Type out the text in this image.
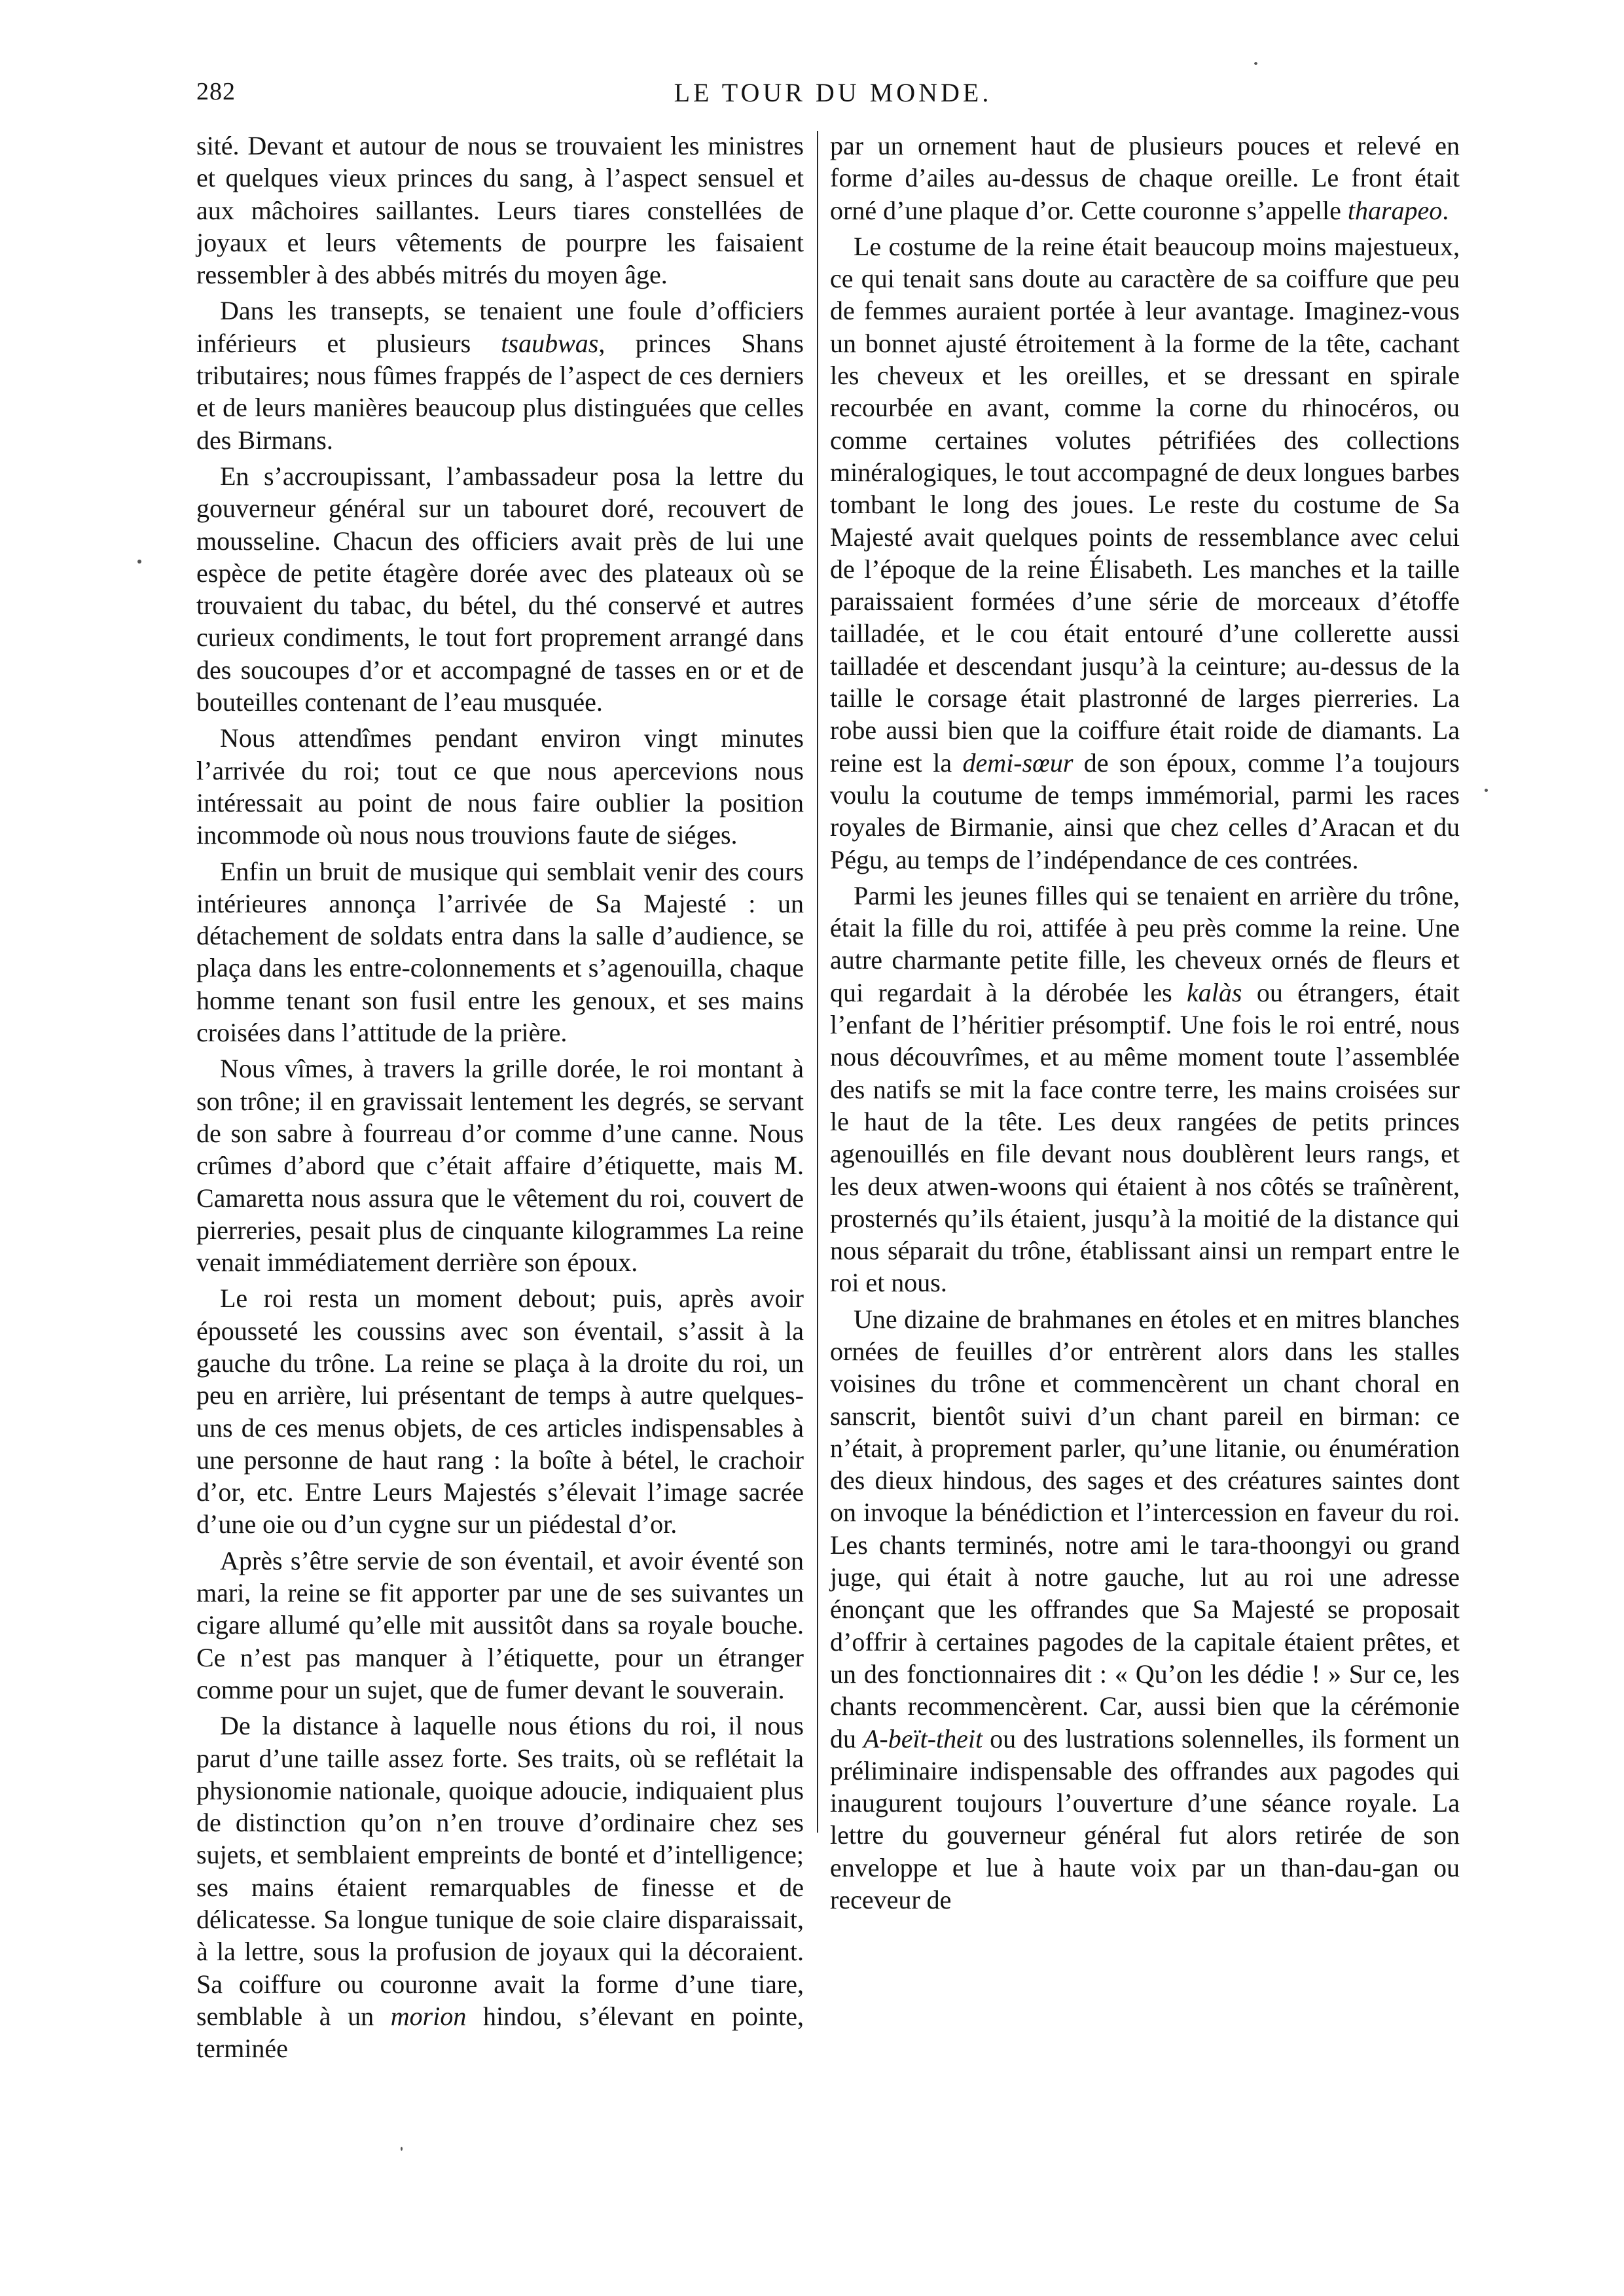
282	LE TOUR DU MONDE.

sité. Devant et autour de nous se trouvaient les ministres et quelques vieux princes du sang, à l’aspect sensuel et aux mâchoires saillantes. Leurs tiares constellées de joyaux et leurs vêtements de pourpre les faisaient ressembler à des abbés mitrés du moyen âge.

Dans les transepts, se tenaient une foule d’officiers inférieurs et plusieurs tsaubwas, princes Shans tributaires; nous fûmes frappés de l’aspect de ces derniers et de leurs manières beaucoup plus distinguées que celles des Birmans.

En s’accroupissant, l’ambassadeur posa la lettre du gouverneur général sur un tabouret doré, recouvert de mousseline. Chacun des officiers avait près de lui une espèce de petite étagère dorée avec des plateaux où se trouvaient du tabac, du bétel, du thé conservé et autres curieux condiments, le tout fort proprement arrangé dans des soucoupes d’or et accompagné de tasses en or et de bouteilles contenant de l’eau musquée.

Nous attendîmes pendant environ vingt minutes l’arrivée du roi; tout ce que nous apercevions nous intéressait au point de nous faire oublier la position incommode où nous nous trouvions faute de siéges.

Enfin un bruit de musique qui semblait venir des cours intérieures annonça l’arrivée de Sa Majesté : un détachement de soldats entra dans la salle d’audience, se plaça dans les entre-colonnements et s’agenouilla, chaque homme tenant son fusil entre les genoux, et ses mains croisées dans l’attitude de la prière.

Nous vîmes, à travers la grille dorée, le roi montant à son trône; il en gravissait lentement les degrés, se servant de son sabre à fourreau d’or comme d’une canne. Nous crûmes d’abord que c’était affaire d’étiquette, mais M. Camaretta nous assura que le vêtement du roi, couvert de pierreries, pesait plus de cinquante kilogrammes La reine venait immédiatement derrière son époux.

Le roi resta un moment debout; puis, après avoir épousseté les coussins avec son éventail, s’assit à la gauche du trône. La reine se plaça à la droite du roi, un peu en arrière, lui présentant de temps à autre quelques-uns de ces menus objets, de ces articles indispensables à une personne de haut rang : la boîte à bétel, le crachoir d’or, etc. Entre Leurs Majestés s’élevait l’image sacrée d’une oie ou d’un cygne sur un piédestal d’or.

Après s’être servie de son éventail, et avoir éventé son mari, la reine se fit apporter par une de ses suivantes un cigare allumé qu’elle mit aussitôt dans sa royale bouche. Ce n’est pas manquer à l’étiquette, pour un étranger comme pour un sujet, que de fumer devant le souverain.

De la distance à laquelle nous étions du roi, il nous parut d’une taille assez forte. Ses traits, où se reflétait la physionomie nationale, quoique adoucie, indiquaient plus de distinction qu’on n’en trouve d’ordinaire chez ses sujets, et semblaient empreints de bonté et d’intelligence; ses mains étaient remarquables de finesse et de délicatesse. Sa longue tunique de soie claire disparaissait, à la lettre, sous la profusion de joyaux qui la décoraient. Sa coiffure ou couronne avait la forme d’une tiare, semblable à un morion hindou, s’élevant en pointe, terminée

par un ornement haut de plusieurs pouces et relevé en forme d’ailes au-dessus de chaque oreille. Le front était orné d’une plaque d’or. Cette couronne s’appelle tharapeo.

Le costume de la reine était beaucoup moins majestueux, ce qui tenait sans doute au caractère de sa coiffure que peu de femmes auraient portée à leur avantage. Imaginez-vous un bonnet ajusté étroitement à la forme de la tête, cachant les cheveux et les oreilles, et se dressant en spirale recourbée en avant, comme la corne du rhinocéros, ou comme certaines volutes pétrifiées des collections minéralogiques, le tout accompagné de deux longues barbes tombant le long des joues. Le reste du costume de Sa Majesté avait quelques points de ressemblance avec celui de l’époque de la reine Élisabeth. Les manches et la taille paraissaient formées d’une série de morceaux d’étoffe tailladée, et le cou était entouré d’une collerette aussi tailladée et descendant jusqu’à la ceinture; au-dessus de la taille le corsage était plastronné de larges pierreries. La robe aussi bien que la coiffure était roide de diamants. La reine est la demi-sœur de son époux, comme l’a toujours voulu la coutume de temps immémorial, parmi les races royales de Birmanie, ainsi que chez celles d’Aracan et du Pégu, au temps de l’indépendance de ces contrées.

Parmi les jeunes filles qui se tenaient en arrière du trône, était la fille du roi, attifée à peu près comme la reine. Une autre charmante petite fille, les cheveux ornés de fleurs et qui regardait à la dérobée les kalàs ou étrangers, était l’enfant de l’héritier présomptif. Une fois le roi entré, nous nous découvrîmes, et au même moment toute l’assemblée des natifs se mit la face contre terre, les mains croisées sur le haut de la tête. Les deux rangées de petits princes agenouillés en file devant nous doublèrent leurs rangs, et les deux atwen-woons qui étaient à nos côtés se traînèrent, prosternés qu’ils étaient, jusqu’à la moitié de la distance qui nous séparait du trône, établissant ainsi un rempart entre le roi et nous.

Une dizaine de brahmanes en étoles et en mitres blanches ornées de feuilles d’or entrèrent alors dans les stalles voisines du trône et commencèrent un chant choral en sanscrit, bientôt suivi d’un chant pareil en birman: ce n’était, à proprement parler, qu’une litanie, ou énumération des dieux hindous, des sages et des créatures saintes dont on invoque la bénédiction et l’intercession en faveur du roi. Les chants terminés, notre ami le tara-thoongyi ou grand juge, qui était à notre gauche, lut au roi une adresse énonçant que les offrandes que Sa Majesté se proposait d’offrir à certaines pagodes de la capitale étaient prêtes, et un des fonctionnaires dit : « Qu’on les dédie ! » Sur ce, les chants recommencèrent. Car, aussi bien que la cérémonie du A-beït-theit ou des lustrations solennelles, ils forment un préliminaire indispensable des offrandes aux pagodes qui inaugurent toujours l’ouverture d’une séance royale. La lettre du gouverneur général fut alors retirée de son enveloppe et lue à haute voix par un than-dau-gan ou receveur de
